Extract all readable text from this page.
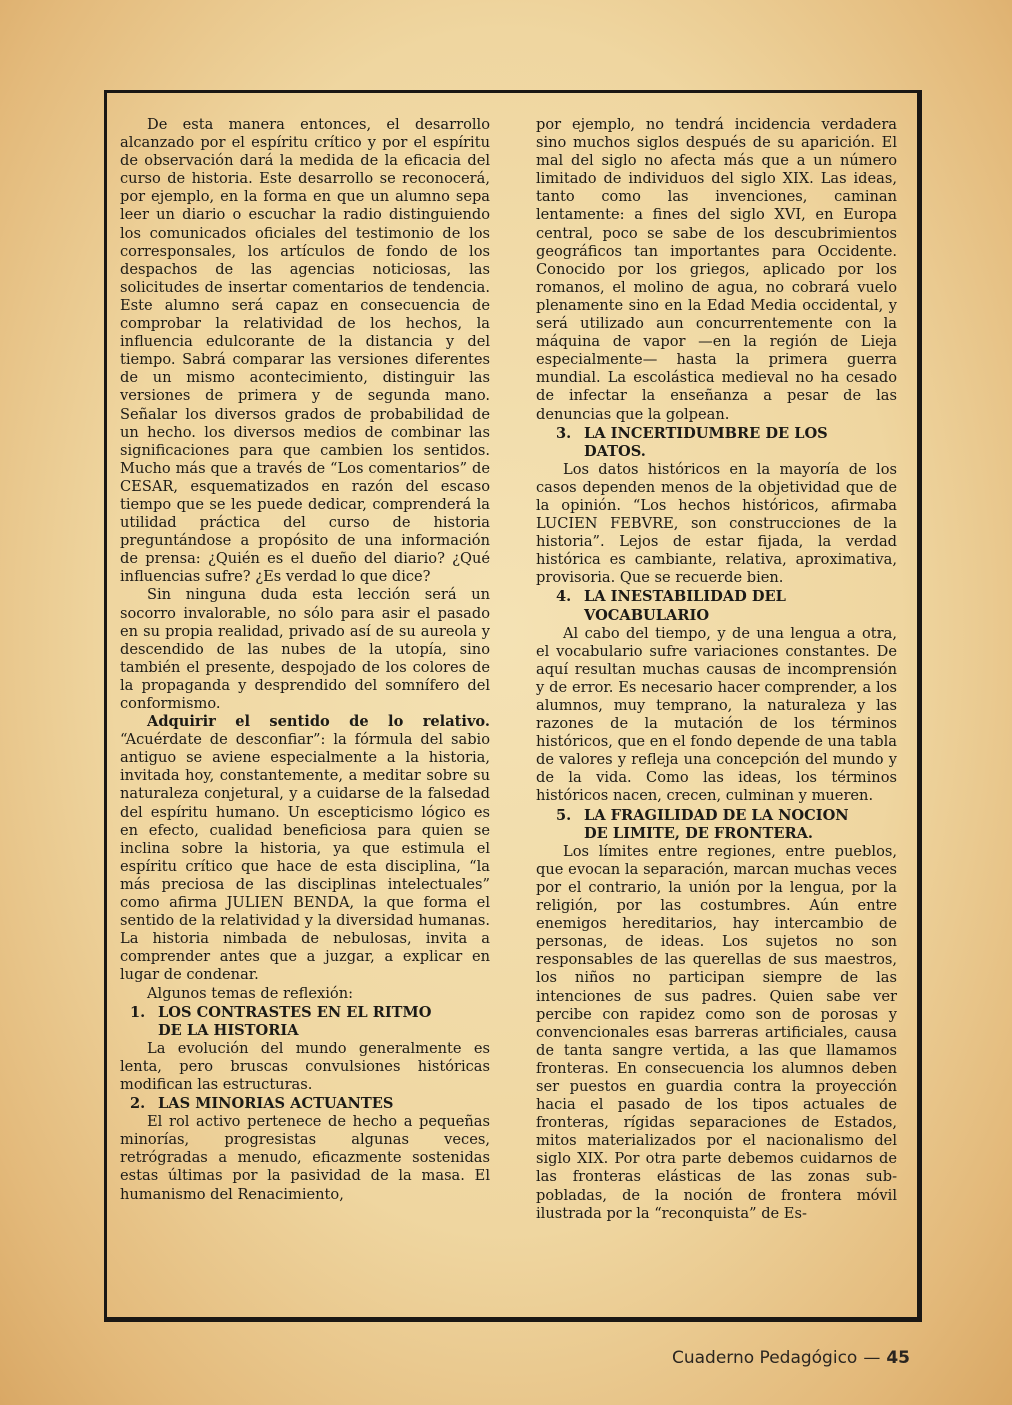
De esta manera entonces, el desarrollo alcanzado por el espíritu crítico y por el espíritu de observación dará la medida de la eficacia del curso de historia. Este desarrollo se reconocerá, por ejemplo, en la forma en que un alumno sepa leer un diario o escuchar la radio distinguiendo los comunicados oficiales del testimonio de los corresponsales, los artículos de fondo de los despachos de las agencias noticiosas, las solicitudes de insertar comentarios de tendencia. Este alumno será capaz en consecuencia de comprobar la relatividad de los hechos, la influencia edulcorante de la distancia y del tiempo. Sabrá comparar las versiones diferentes de un mismo acontecimiento, distinguir las versiones de primera y de segunda mano. Señalar los diversos grados de probabilidad de un hecho. los diversos medios de combinar las significaciones para que cambien los sentidos. Mucho más que a través de “Los comentarios” de CESAR, esquematizados en razón del escaso tiempo que se les puede dedicar, comprenderá la utilidad práctica del curso de historia preguntándose a propósito de una información de prensa: ¿Quién es el dueño del diario? ¿Qué influencias sufre? ¿Es verdad lo que dice?

Sin ninguna duda esta lección será un socorro invalorable, no sólo para asir el pasado en su propia realidad, privado así de su aureola y descendido de las nubes de la utopía, sino también el presente, despojado de los colores de la propaganda y desprendido del somnífero del conformismo.

Adquirir el sentido de lo relativo. “Acuérdate de desconfiar”: la fórmula del sabio antiguo se aviene especialmente a la historia, invitada hoy, constantemente, a meditar sobre su naturaleza conjetural, y a cuidarse de la falsedad del espíritu humano. Un escepticismo lógico es en efecto, cualidad beneficiosa para quien se inclina sobre la historia, ya que estimula el espíritu crítico que hace de esta disciplina, “la más preciosa de las disciplinas intelectuales” como afirma JULIEN BENDA, la que forma el sentido de la relatividad y la diversidad humanas. La historia nimbada de nebulosas, invita a comprender antes que a juzgar, a explicar en lugar de condenar.

Algunos temas de reflexión:

1. LOS CONTRASTES EN EL RITMO
DE LA HISTORIA

La evolución del mundo generalmente es lenta, pero bruscas convulsiones históricas modifican las estructuras.

2. LAS MINORIAS ACTUANTES

El rol activo pertenece de hecho a pequeñas minorías, progresistas algunas veces, retrógradas a menudo, eficazmente sostenidas estas últimas por la pasividad de la masa. El humanismo del Renacimiento,

por ejemplo, no tendrá incidencia verdadera sino muchos siglos después de su aparición. El mal del siglo no afecta más que a un número limitado de individuos del siglo XIX. Las ideas, tanto como las invenciones, caminan lentamente: a fines del siglo XVI, en Europa central, poco se sabe de los descubrimientos geográficos tan importantes para Occidente. Conocido por los griegos, aplicado por los romanos, el molino de agua, no cobrará vuelo plenamente sino en la Edad Media occidental, y será utilizado aun concurrentemente con la máquina de vapor —en la región de Lieja especialmente— hasta la primera guerra mundial. La escolástica medieval no ha cesado de infectar la enseñanza a pesar de las denuncias que la golpean.

3. LA INCERTIDUMBRE DE LOS
DATOS.

Los datos históricos en la mayoría de los casos dependen menos de la objetividad que de la opinión. “Los hechos históricos, afirmaba LUCIEN FEBVRE, son construcciones de la historia”. Lejos de estar fijada, la verdad histórica es cambiante, relativa, aproximativa, provisoria. Que se recuerde bien.

4. LA INESTABILIDAD DEL
VOCABULARIO

Al cabo del tiempo, y de una lengua a otra, el vocabulario sufre variaciones constantes. De aquí resultan muchas causas de incomprensión y de error. Es necesario hacer comprender, a los alumnos, muy temprano, la naturaleza y las razones de la mutación de los términos históricos, que en el fondo depende de una tabla de valores y refleja una concepción del mundo y de la vida. Como las ideas, los términos históricos nacen, crecen, culminan y mueren.

5. LA FRAGILIDAD DE LA NOCION
DE LIMITE, DE FRONTERA.

Los límites entre regiones, entre pueblos, que evocan la separación, marcan muchas veces por el contrario, la unión por la lengua, por la religión, por las costumbres. Aún entre enemigos hereditarios, hay intercambio de personas, de ideas. Los sujetos no son responsables de las querellas de sus maestros, los niños no participan siempre de las intenciones de sus padres. Quien sabe ver percibe con rapidez como son de porosas y convencionales esas barreras artificiales, causa de tanta sangre vertida, a las que llamamos fronteras. En consecuencia los alumnos deben ser puestos en guardia contra la proyección hacia el pasado de los tipos actuales de fronteras, rígidas separaciones de Estados, mitos materializados por el nacionalismo del siglo XIX. Por otra parte debemos cuidarnos de las fronteras elásticas de las zonas sub-pobladas, de la noción de frontera móvil ilustrada por la “reconquista” de Es-

Cuaderno Pedagógico — 45
